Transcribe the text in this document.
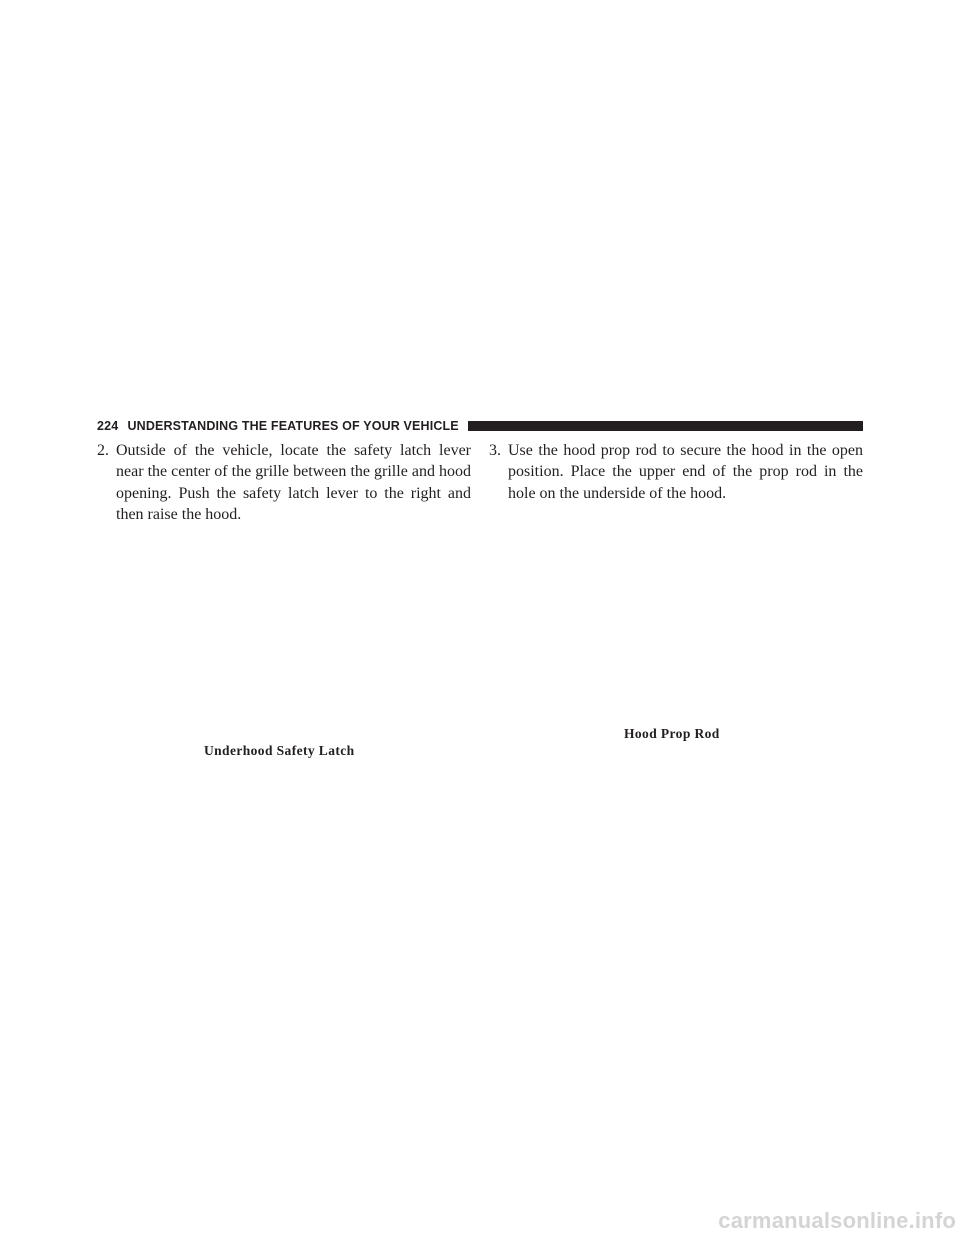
224 UNDERSTANDING THE FEATURES OF YOUR VEHICLE
2. Outside of the vehicle, locate the safety latch lever near the center of the grille between the grille and hood opening. Push the safety latch lever to the right and then raise the hood.
3. Use the hood prop rod to secure the hood in the open position. Place the upper end of the prop rod in the hole on the underside of the hood.
Hood Prop Rod
Underhood Safety Latch
carmanualsonline.info
